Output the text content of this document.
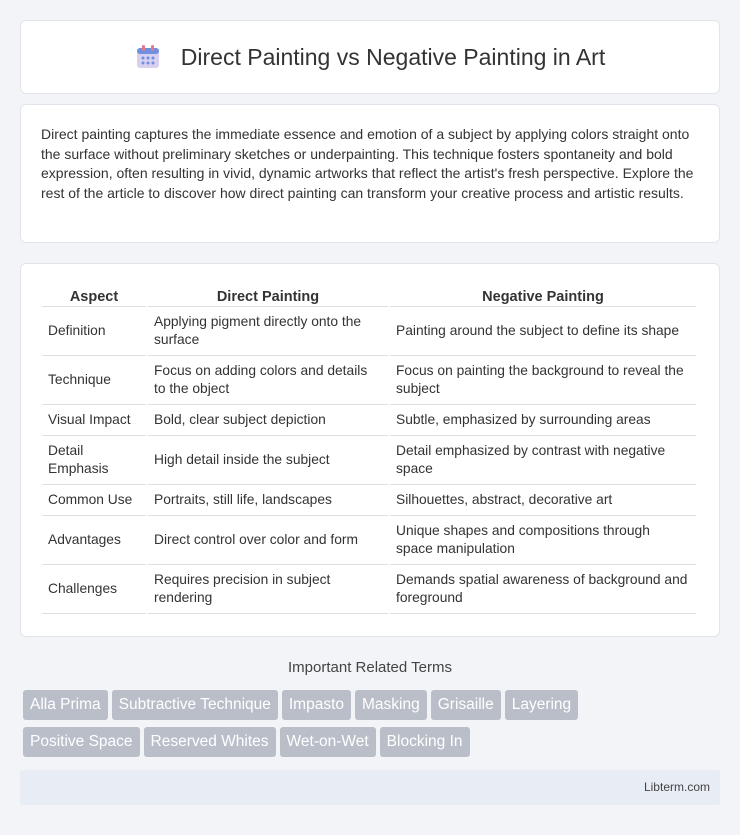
Direct Painting vs Negative Painting in Art

Direct painting captures the immediate essence and emotion of a subject by applying colors straight onto the surface without preliminary sketches or underpainting. This technique fosters spontaneity and bold expression, often resulting in vivid, dynamic artworks that reflect the artist's fresh perspective. Explore the rest of the article to discover how direct painting can transform your creative process and artistic results.

Aspect	Direct Painting	Negative Painting
Definition	Applying pigment directly onto the surface	Painting around the subject to define its shape
Technique	Focus on adding colors and details to the object	Focus on painting the background to reveal the subject
Visual Impact	Bold, clear subject depiction	Subtle, emphasized by surrounding areas
Detail Emphasis	High detail inside the subject	Detail emphasized by contrast with negative space
Common Use	Portraits, still life, landscapes	Silhouettes, abstract, decorative art
Advantages	Direct control over color and form	Unique shapes and compositions through space manipulation
Challenges	Requires precision in subject rendering	Demands spatial awareness of background and foreground
Important Related Terms
Alla Prima Subtractive Technique Impasto Masking Grisaille Layering
Positive Space Reserved Whites Wet-on-Wet Blocking In
Libterm.com
